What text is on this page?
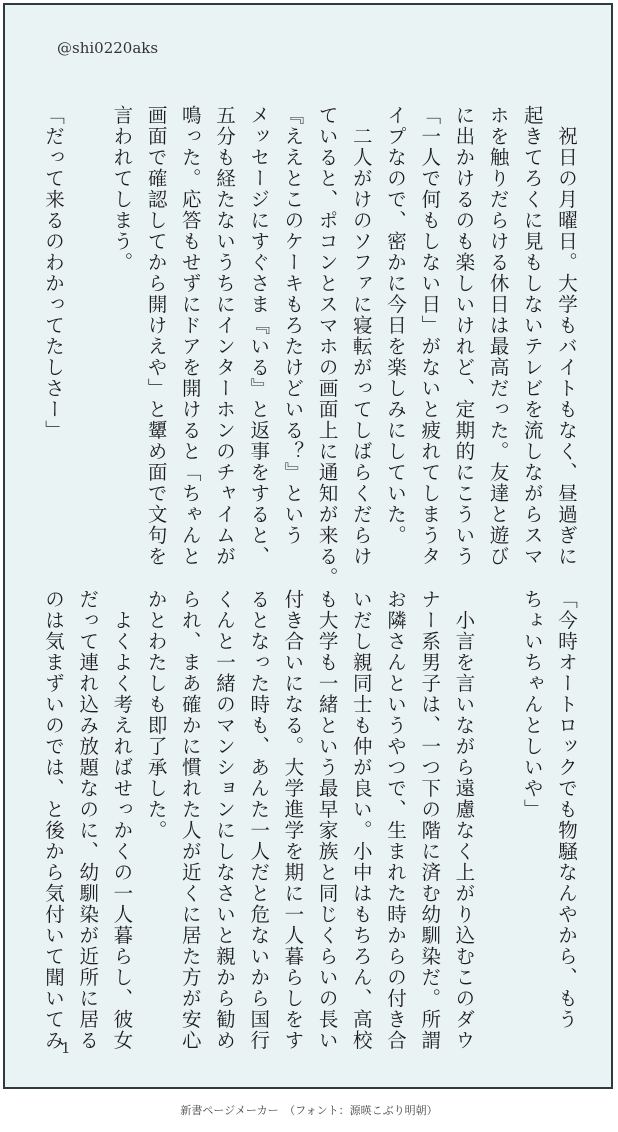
@shi0220aks
　祝日の月曜日。大学もバイトもなく、昼過ぎに
起きてろくに見もしないテレビを流しながらスマ
ホを触りだらける休日は最高だった。友達と遊び
に出かけるのも楽しいけれど、定期的にこういう
「一人で何もしない日」がないと疲れてしまうタ
イプなので、密かに今日を楽しみにしていた。
　二人がけのソファに寝転がってしばらくだらけ
ていると、ポコンとスマホの画面上に通知が来る。
『ええとこのケーキもろたけどいる？』という
メッセージにすぐさま『いる』と返事をすると、
五分も経たないうちにインターホンのチャイムが
鳴った。応答もせずにドアを開けると「ちゃんと
画面で確認してから開けえや」と顰め面で文句を
言われてしまう。
「だって来るのわかってたしさー」
「今時オートロックでも物騒なんやから、もう
ちょいちゃんとしいや」
　小言を言いながら遠慮なく上がり込むこのダウ
ナー系男子は、一つ下の階に済む幼馴染だ。所謂
お隣さんというやつで、生まれた時からの付き合
いだし親同士も仲が良い。小中はもちろん、高校
も大学も一緒という最早家族と同じくらいの長い
付き合いになる。大学進学を期に一人暮らしをす
るとなった時も、あんた一人だと危ないから国行
くんと一緒のマンションにしなさいと親から勧め
られ、まあ確かに慣れた人が近くに居た方が安心
かとわたしも即了承した。
　よくよく考えればせっかくの一人暮らし、彼女
だって連れ込み放題なのに、幼馴染が近所に居る
のは気まずいのでは、と後から気付いて聞いてみ
1
新書ページメーカー　（フォント：源暎こぶり明朝）
